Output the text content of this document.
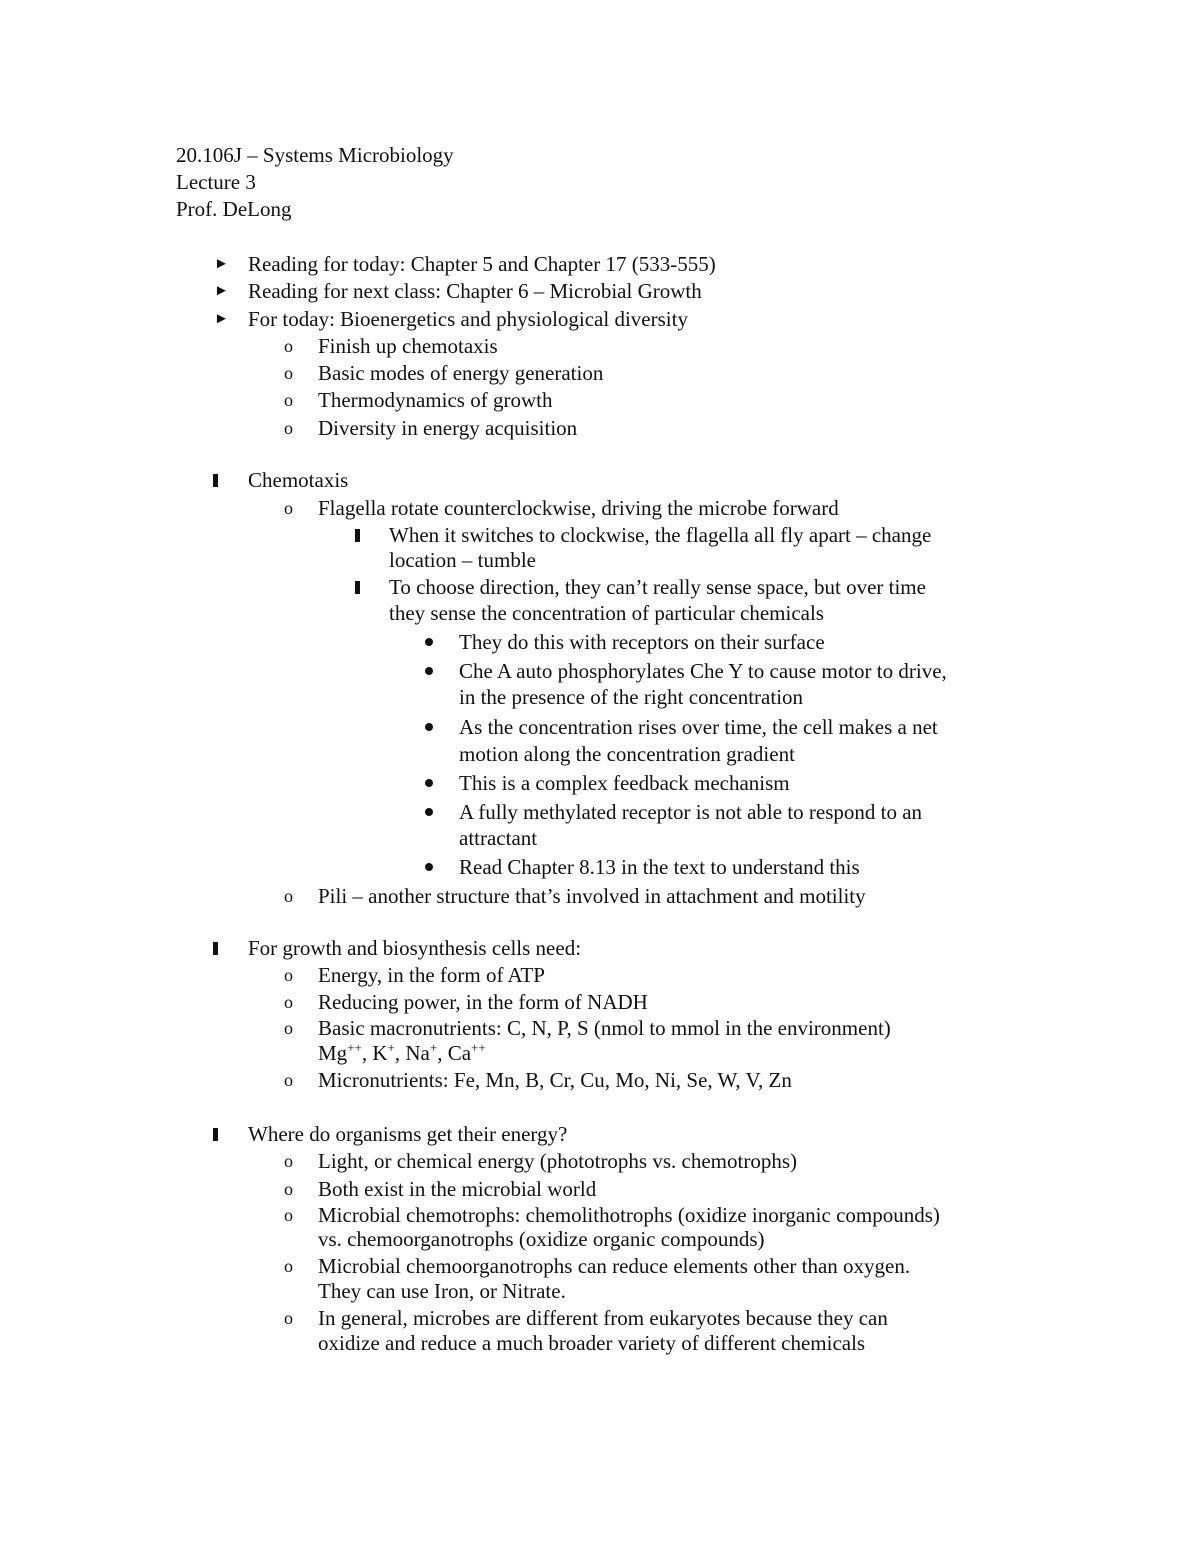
20.106J – Systems Microbiology
Lecture 3
Prof. DeLong
► Reading for today: Chapter 5 and Chapter 17 (533-555)
► Reading for next class: Chapter 6 – Microbial Growth
► For today: Bioenergetics and physiological diversity
o Finish up chemotaxis
o Basic modes of energy generation
o Thermodynamics of growth
o Diversity in energy acquisition
Chemotaxis
o Flagella rotate counterclockwise, driving the microbe forward
When it switches to clockwise, the flagella all fly apart – change
location – tumble
To choose direction, they can’t really sense space, but over time
they sense the concentration of particular chemicals
They do this with receptors on their surface
Che A auto phosphorylates Che Y to cause motor to drive,
in the presence of the right concentration
As the concentration rises over time, the cell makes a net
motion along the concentration gradient
This is a complex feedback mechanism
A fully methylated receptor is not able to respond to an
attractant
Read Chapter 8.13 in the text to understand this
o Pili – another structure that’s involved in attachment and motility
For growth and biosynthesis cells need:
o Energy, in the form of ATP
o Reducing power, in the form of NADH
o Basic macronutrients: C, N, P, S (nmol to mmol in the environment)
Mg++, K+, Na+, Ca++
o Micronutrients: Fe, Mn, B, Cr, Cu, Mo, Ni, Se, W, V, Zn
Where do organisms get their energy?
o Light, or chemical energy (phototrophs vs. chemotrophs)
o Both exist in the microbial world
o Microbial chemotrophs: chemolithotrophs (oxidize inorganic compounds)
vs. chemoorganotrophs (oxidize organic compounds)
o Microbial chemoorganotrophs can reduce elements other than oxygen.
They can use Iron, or Nitrate.
o In general, microbes are different from eukaryotes because they can
oxidize and reduce a much broader variety of different chemicals
